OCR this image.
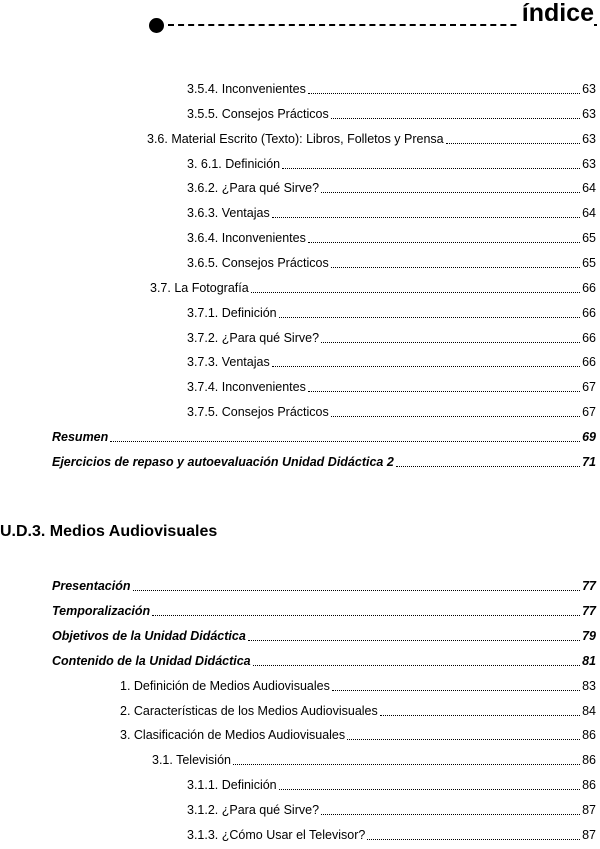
índice
3.5.4. Inconvenientes	63
3.5.5. Consejos Prácticos	63
3.6. Material Escrito (Texto): Libros, Folletos y Prensa	63
3. 6.1. Definición	63
3.6.2. ¿Para qué Sirve?	64
3.6.3. Ventajas	64
3.6.4. Inconvenientes	65
3.6.5. Consejos Prácticos	65
3.7. La Fotografía	66
3.7.1. Definición	66
3.7.2. ¿Para qué Sirve?	66
3.7.3. Ventajas	66
3.7.4. Inconvenientes	67
3.7.5. Consejos Prácticos	67
Resumen	69
Ejercicios de repaso y autoevaluación Unidad Didáctica 2	71
U.D.3. Medios Audiovisuales
Presentación	77
Temporalización	77
Objetivos de la Unidad Didáctica	79
Contenido de la Unidad Didáctica	81
1. Definición de Medios Audiovisuales	83
2. Características de los Medios Audiovisuales	84
3. Clasificación de Medios Audiovisuales	86
3.1. Televisión	86
3.1.1. Definición	86
3.1.2. ¿Para qué Sirve?	87
3.1.3. ¿Cómo Usar el Televisor?	87
